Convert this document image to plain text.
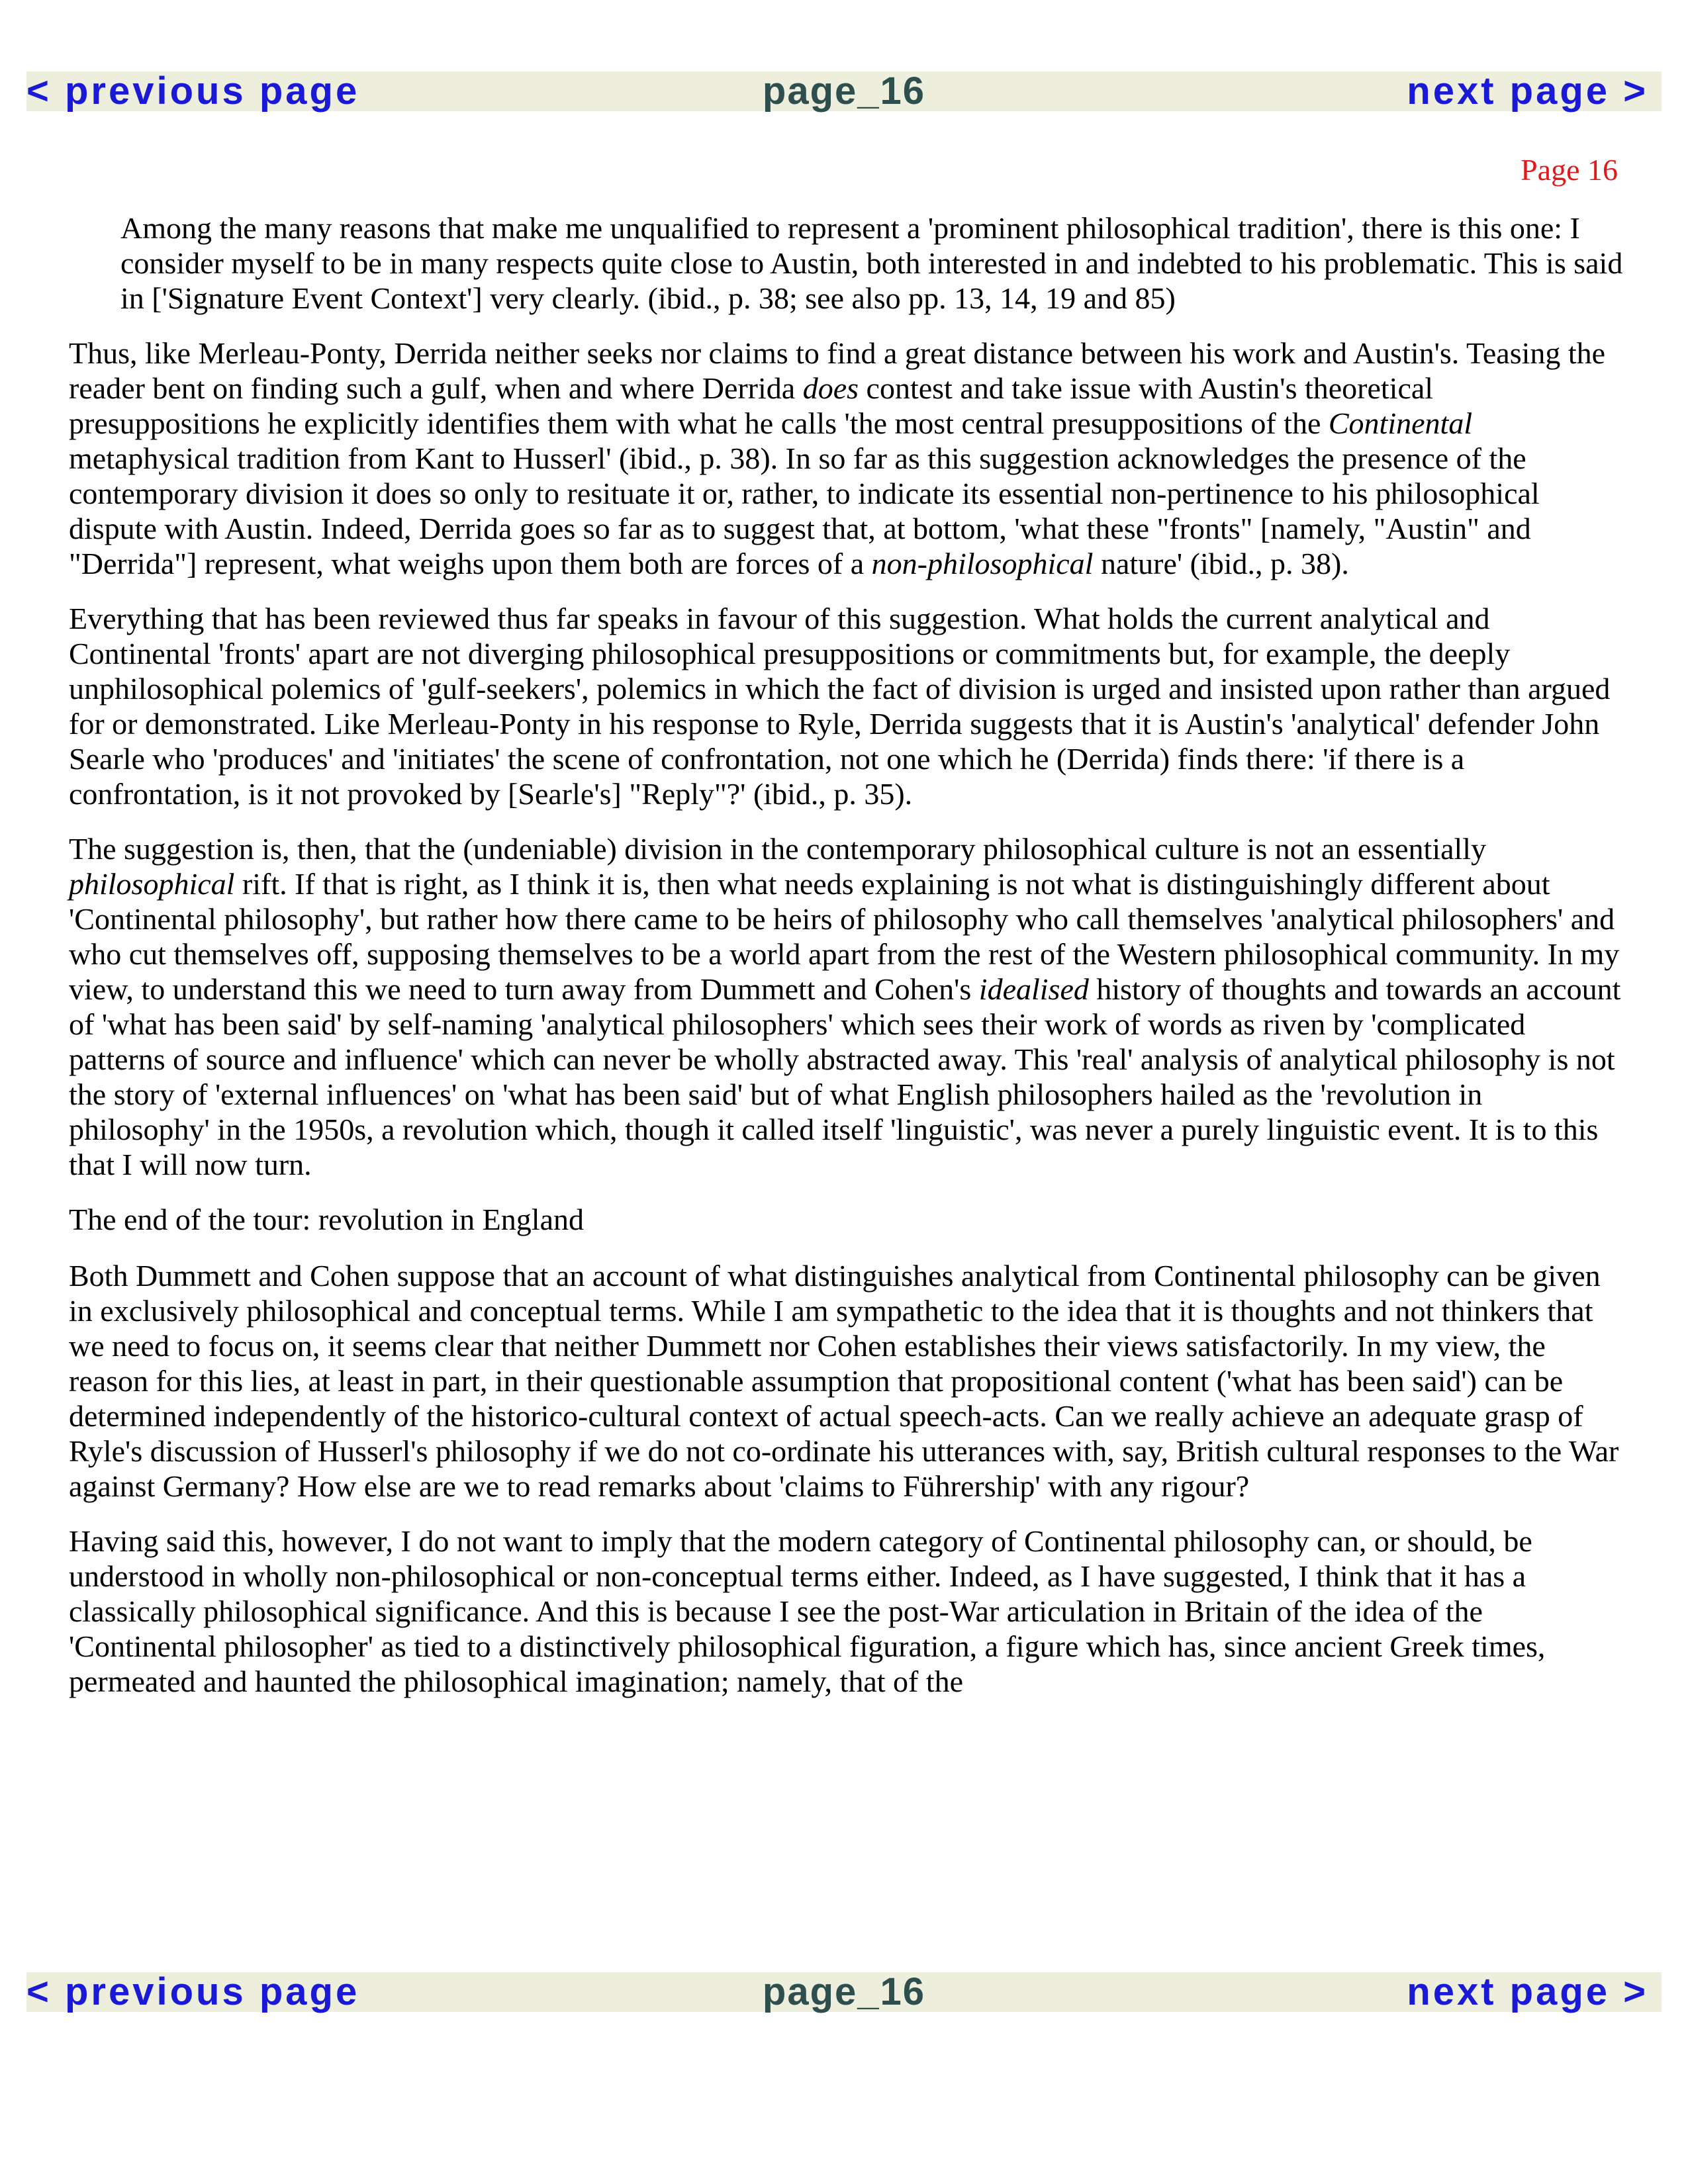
< previous page	page_16	next page >
Page 16
Among the many reasons that make me unqualified to represent a 'prominent philosophical tradition', there is this one: I consider myself to be in many respects quite close to Austin, both interested in and indebted to his problematic. This is said in ['Signature Event Context'] very clearly. (ibid., p. 38; see also pp. 13, 14, 19 and 85)

Thus, like Merleau-Ponty, Derrida neither seeks nor claims to find a great distance between his work and Austin's. Teasing the reader bent on finding such a gulf, when and where Derrida does contest and take issue with Austin's theoretical presuppositions he explicitly identifies them with what he calls 'the most central presuppositions of the Continental metaphysical tradition from Kant to Husserl' (ibid., p. 38). In so far as this suggestion acknowledges the presence of the contemporary division it does so only to resituate it or, rather, to indicate its essential non-pertinence to his philosophical dispute with Austin. Indeed, Derrida goes so far as to suggest that, at bottom, 'what these "fronts" [namely, "Austin" and "Derrida"] represent, what weighs upon them both are forces of a non-philosophical nature' (ibid., p. 38).

Everything that has been reviewed thus far speaks in favour of this suggestion. What holds the current analytical and Continental 'fronts' apart are not diverging philosophical presuppositions or commitments but, for example, the deeply unphilosophical polemics of 'gulf-seekers', polemics in which the fact of division is urged and insisted upon rather than argued for or demonstrated. Like Merleau-Ponty in his response to Ryle, Derrida suggests that it is Austin's 'analytical' defender John Searle who 'produces' and 'initiates' the scene of confrontation, not one which he (Derrida) finds there: 'if there is a confrontation, is it not provoked by [Searle's] "Reply"?' (ibid., p. 35).

The suggestion is, then, that the (undeniable) division in the contemporary philosophical culture is not an essentially philosophical rift. If that is right, as I think it is, then what needs explaining is not what is distinguishingly different about 'Continental philosophy', but rather how there came to be heirs of philosophy who call themselves 'analytical philosophers' and who cut themselves off, supposing themselves to be a world apart from the rest of the Western philosophical community. In my view, to understand this we need to turn away from Dummett and Cohen's idealised history of thoughts and towards an account of 'what has been said' by self-naming 'analytical philosophers' which sees their work of words as riven by 'complicated patterns of source and influence' which can never be wholly abstracted away. This 'real' analysis of analytical philosophy is not the story of 'external influences' on 'what has been said' but of what English philosophers hailed as the 'revolution in philosophy' in the 1950s, a revolution which, though it called itself 'linguistic', was never a purely linguistic event. It is to this that I will now turn.

The end of the tour: revolution in England

Both Dummett and Cohen suppose that an account of what distinguishes analytical from Continental philosophy can be given in exclusively philosophical and conceptual terms. While I am sympathetic to the idea that it is thoughts and not thinkers that we need to focus on, it seems clear that neither Dummett nor Cohen establishes their views satisfactorily. In my view, the reason for this lies, at least in part, in their questionable assumption that propositional content ('what has been said') can be determined independently of the historico-cultural context of actual speech-acts. Can we really achieve an adequate grasp of Ryle's discussion of Husserl's philosophy if we do not co-ordinate his utterances with, say, British cultural responses to the War against Germany? How else are we to read remarks about 'claims to Führership' with any rigour?

Having said this, however, I do not want to imply that the modern category of Continental philosophy can, or should, be understood in wholly non-philosophical or non-conceptual terms either. Indeed, as I have suggested, I think that it has a classically philosophical significance. And this is because I see the post-War articulation in Britain of the idea of the 'Continental philosopher' as tied to a distinctively philosophical figuration, a figure which has, since ancient Greek times, permeated and haunted the philosophical imagination; namely, that of the

< previous page	page_16	next page >
